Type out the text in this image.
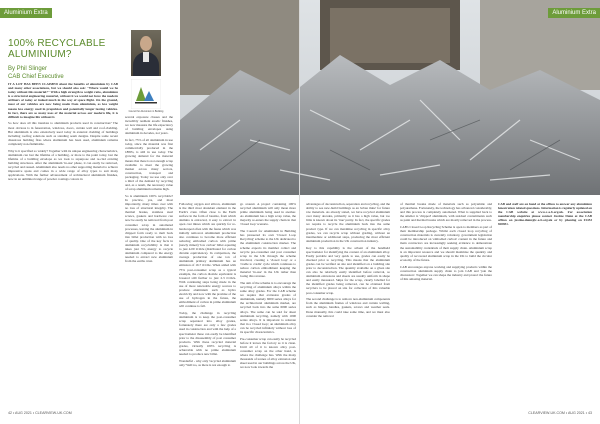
Aluminium Extra
100% RECYCLABLE ALUMINIUM?
By Phil Slinger
CAB Chief Executive
Council for Aluminium in Building

IT A LOT HAS BEEN CLAIMED about the benefits of aluminium by CAB and many other associations, but we should also ask: "Where would we be today without this material?" With a high strength to weight ratio, aluminium is a structural engineering material, without it we would not have the modern airliners of today or indeed much in the way of space flight. On the ground, most of our vehicles are now being made from aluminium, as less weight means less energy used in propulsion and potentially longer lasting vehicles. In fact, there are so many uses of the material across our modern life, it is difficult to imagine life without it.

So how does all this translate to aluminium products used in construction? The most obvious is in fenestration, windows, doors, curtain wall and roof-cladding. But aluminium is also extensively used today in external cladding of buildings including roofing solutions such as standing seam designs. Despite some recent disastrous building fires where aluminium has been used, aluminium remains completely non-flammable.

Why is it specified so widely? Together with its unique engineering characteristics, aluminium can last the lifetime of a building, or more to the point today, last the lifetime of a building envelope as we look to repurpose and re-clad existing building structures. After the aluminium 'in-use' phase, it can easily be removed, recycled and reused. Aluminium also needs no other supporting material to achieve impressive spans and comes in a wide range of alloy types to suit many applications. With the further advancement of architectural aluminium finishes, now in an unlimited range of powder coatings colours in

several exposure classes and the incredibly resilient anodic finishes, we now measure the life expectancy of building envelopes using aluminium in decades, not years.

In fact, 75% of all aluminium in use today, since the material was first commercially produced in the 1880's, is still in use today. The growing demand for the material means that there is not enough scrap available to meet the growing market across many sectors, construction, transport and packaging. Today we use only over a third of the demand by recycling and, as a result, the necessary value of scrap aluminium remains high.

So is aluminium 100% recyclable? In practice, yes, and most importantly, many times over with no loss of structural integrity. The thermal breaks, stainless steel screws, gaskets and hardware can now be easily be removed from post consumer scrap in automated processes, leaving the aluminium in chipped form ready to melt back into billet production with no loss of quality. One of the key facts in aluminium recyclability is that it takes just 5% energy to recycle aluminium compared to the energy needed to extract new aluminium from the earths crust.

Following oxygen and silicon, aluminium is the third most abundant element in the Earth's crust. Often close to the Earth surface in the form of bauxite, from which alumina is extracted, it easy to extract in open cast mines which are quickly for re-landscaped often with the fauna which was initially removed. Aluminium production also continues to become more efficient reducing embodied carbon with prime (newly mined) 'low carbon' billet equating to just 4.00 tCO2e (distributed for carbon dioxide equivalence). In comparison, the average production of one ton of aluminium primary aluminium has an emission of 16.7 tCO2e. When added with 75% post-consumer scrap as a typical example, the carbon dioxide equivalent is lowered still further to just 2.3 tCO2e. With continuing steps being made in the use of more renewable energy sources to produce aluminium such as hydro electricity and now with the promise of the use of hydrogen in the future, the embodiment of carbon in prime aluminium will continue to fall.

Today, the challenge in recycling aluminium is to keep the post-consumer scrap separated into alloy grades, fortunately there are only a few grades used in construction and with the help of a spectrometer these can easily be identified prior to the disassembly of post consumer products. With these recycled material grades, virtually 100% recycling is achievable with no prime aluminium needed to produce new billet.

Wonderful - why only 'recycled aluminium only' Well no, as there is not enough to

go around. A project containing 100% recycled aluminium will only mean more prime aluminium being used in another. As aluminium has a high scrap value, the majority re-enters the supply chain in that 'closed loop' scenario.

The Council for Aluminium in Building has pioneered its own 'Closed Loop Recycling' scheme to the UK dedicated to the aluminium construction market. The scheme expects its member collect and recycle pre-consumer and post consumer scrap in the UK through the scheme involved, creating a 'closed loop' or a 'cradle to cradle' cycle which continues to reduce carbon embodiment keeping the material 'in-use' in the UK rather than losing this revenue.

The aim of the scheme is to encourage the recycling of aluminium alloys within the same alloy grades. For the CAB scheme we require that extrusion grades of aluminium, namely 6000 series alloys for the architectural aluminium market, are recycled back into the same 6000 series alloys. The same can be said for sheet aluminium recycling, namely with 1000 series alloys. It is important to reiterate that in a 'closed loop', an aluminium alloy can be recycled infinitely without loss of its specific characteristics.

Pre-consumer scrap can easily be recycled before it leaves the factory as it is clean. Until all of it is known alloy post-consumer scrap on the other hand, is where the challenge lies. With the many thousands of tonnes of alloy extrusion and sheet used in our buildings across the UK, we now look towards the

42 • AUG 2021 • CLEARVIEW-UK.COM
Aluminium Extra

advantages of deconstruction, separation and recycling, and the ability to see new-build buildings as an 'urban mine' for future raw materials. As already stated, we have recycled aluminium over many decades, primarily as it has a high value, but too little is known about its 'true' purity. In fact, the specific grades we require to recycle the aluminium back into the same product type. If we can maximise recycling in specific alloy grades, we can recycle scrap without grading, without an intermediate or additional steps, producing the most efficient aluminium production in the UK construction industry.

Key to this capability is the advent of the handheld spectrometer for identifying the content of an aluminium alloy. Easily portable and very quick to use, grades can easily be checked prior to recycling. This means that the aluminium grades can be verified on site and identified on a building site prior to deconstruction. The quantity available on a given site can also be relatively easily identified before removal, so aluminium extrusions and sheets are usually uniform in shape and easily measured. Skips for the scrap, clearly labelled for the identified grades being removed, can be obtained from recyclers to be placed on site for collection of this valuable post-consumer scrap.

The second challenge is to remove non-aluminium components from the aluminium frames of windows and curtain walling, such as hinges, handles, gaskets, screws and weather seals. Done manually, this could take some time, and we must also consider the removal

of thermal breaks made of materials such as polyamide and polyurethane. Fortunately, the technology has advanced considerably, and this process is completely automated. What is supplied back to the smelter is 'chipped' aluminium, with residual contaminants such as paint and thermal breaks which are mostly removed in the process.

CAB's Closed Loop Recycling Scheme is open to members as part of their membership package. Whilst each closed loop recycling of construction materials is currently voluntary, government legislation could be introduced on 'embodied carbon' content in the future and main contractors are increasingly seeking evidence to demonstrate the sustainability credentials of their supply chain. Aluminium scrap is an important resource and we should maximise the quantity and quality of recovered aluminium scrap in the UK to build the circular economy of the future.

CAB encourages anyone working and supplying products within the construction aluminium supply chain to join CAB and 'join the discussion'. Together we can shape the industry and protect the future of this amazing material.

CAB and staff are on hand at the offices to answer any aluminium fenestration related questions. Information is regularly updated on the CAB website at www.c-a-b.org.uk. For association membership enquiries please contact Justine Dunn at the CAB offices on justine.dunn@c-a-b.org.uk or by phoning on 01453 828851.

CLEARVIEW-UK.COM • AUG 2021 • 43
